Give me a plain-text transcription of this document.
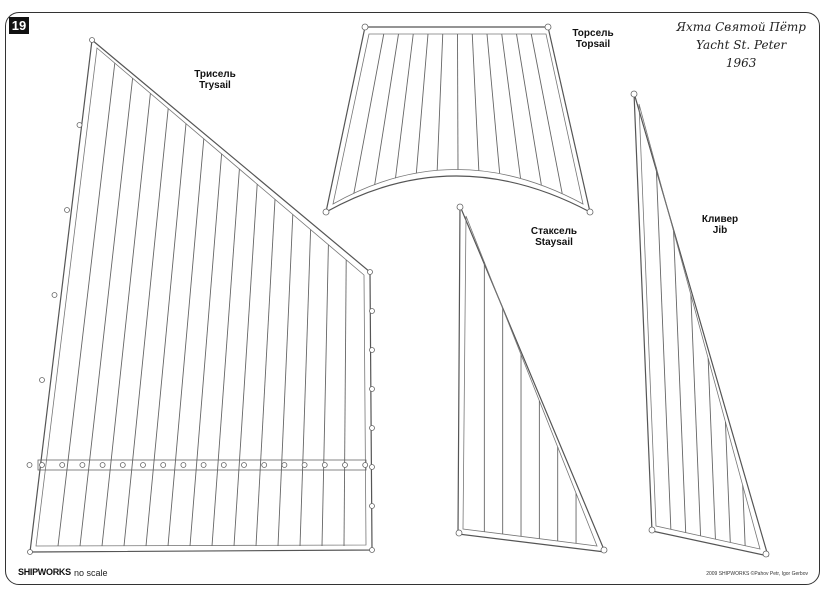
19	Яхта Святой Пётр
Yacht St. Peter
1963
Трисель
Trysail
Торсель
Topsail
Стаксель
Staysail
Кливер
Jib
SHIPWORKS no scale	2009 SHIPWORKS ©Pahov Petr, Igor Gerbov
